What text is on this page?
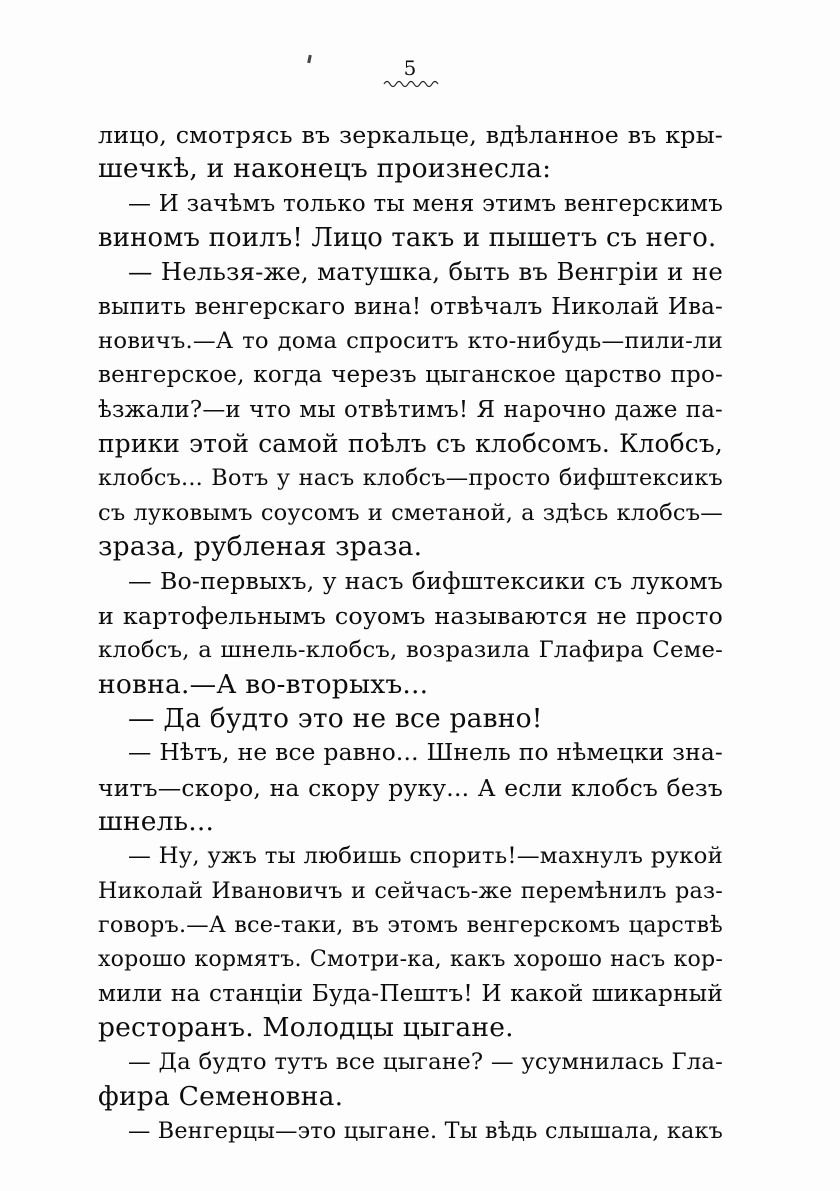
5
лицо, смотрясь въ зеркальце, вдѣланное въ кры-
шечкѣ, и наконецъ произнесла:
— И зачѣмъ только ты меня этимъ венгерскимъ
виномъ поилъ! Лицо такъ и пышетъ съ него.
— Нельзя-же, матушка, быть въ Венгріи и не
выпить венгерскаго вина! отвѣчалъ Николай Ива-
новичъ.—А то дома спроситъ кто-нибудь—пили-ли
венгерское, когда черезъ цыганское царство про-
ѣзжали?—и что мы отвѣтимъ! Я нарочно даже па-
прики этой самой поѣлъ съ клобсомъ. Клобсъ,
клобсъ... Вотъ у насъ клобсъ—просто бифштексикъ
съ луковымъ соусомъ и сметаной, а здѣсь клобсъ—
зраза, рубленая зраза.
— Во-первыхъ, у насъ бифштексики съ лукомъ
и картофельнымъ соуомъ называются не просто
клобсъ, а шнель-клобсъ, возразила Глафира Семе-
новна.—А во-вторыхъ...
— Да будто это не все равно!
— Нѣтъ, не все равно... Шнель по нѣмецки зна-
читъ—скоро, на скору руку... А если клобсъ безъ
шнель...
— Ну, ужъ ты любишь спорить!—махнулъ рукой
Николай Ивановичъ и сейчасъ-же перемѣнилъ раз-
говоръ.—А все-таки, въ этомъ венгерскомъ царствѣ
хорошо кормятъ. Смотри-ка, какъ хорошо насъ кор-
мили на станціи Буда-Пештъ! И какой шикарный
ресторанъ. Молодцы цыгане.
— Да будто тутъ все цыгане? — усумнилась Гла-
фира Семеновна.
— Венгерцы—это цыгане. Ты вѣдь слышала, какъ
